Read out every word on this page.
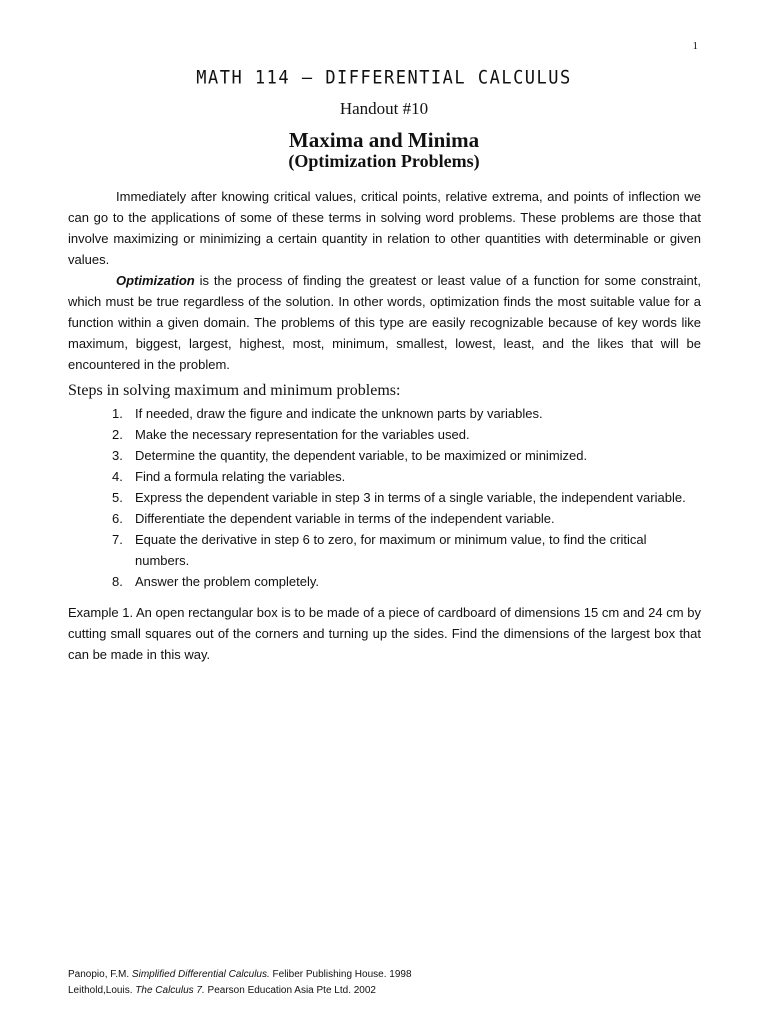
1
MATH 114 – DIFFERENTIAL CALCULUS
Handout #10
Maxima and Minima
(Optimization Problems)

Immediately after knowing critical values, critical points, relative extrema, and points of inflection we can go to the applications of some of these terms in solving word problems. These problems are those that involve maximizing or minimizing a certain quantity in relation to other quantities with determinable or given values.

Optimization is the process of finding the greatest or least value of a function for some constraint, which must be true regardless of the solution. In other words, optimization finds the most suitable value for a function within a given domain. The problems of this type are easily recognizable because of key words like maximum, biggest, largest, highest, most, minimum, smallest, lowest, least, and the likes that will be encountered in the problem.

Steps in solving maximum and minimum problems:
1. If needed, draw the figure and indicate the unknown parts by variables.
2. Make the necessary representation for the variables used.
3. Determine the quantity, the dependent variable, to be maximized or minimized.
4. Find a formula relating the variables.
5. Express the dependent variable in step 3 in terms of a single variable, the independent variable.
6. Differentiate the dependent variable in terms of the independent variable.
7. Equate the derivative in step 6 to zero, for maximum or minimum value, to find the critical numbers.
8. Answer the problem completely.

Example 1. An open rectangular box is to be made of a piece of cardboard of dimensions 15 cm and 24 cm by cutting small squares out of the corners and turning up the sides. Find the dimensions of the largest box that can be made in this way.

Panopio, F.M. Simplified Differential Calculus. Feliber Publishing House. 1998
Leithold,Louis. The Calculus 7. Pearson Education Asia Pte Ltd. 2002
